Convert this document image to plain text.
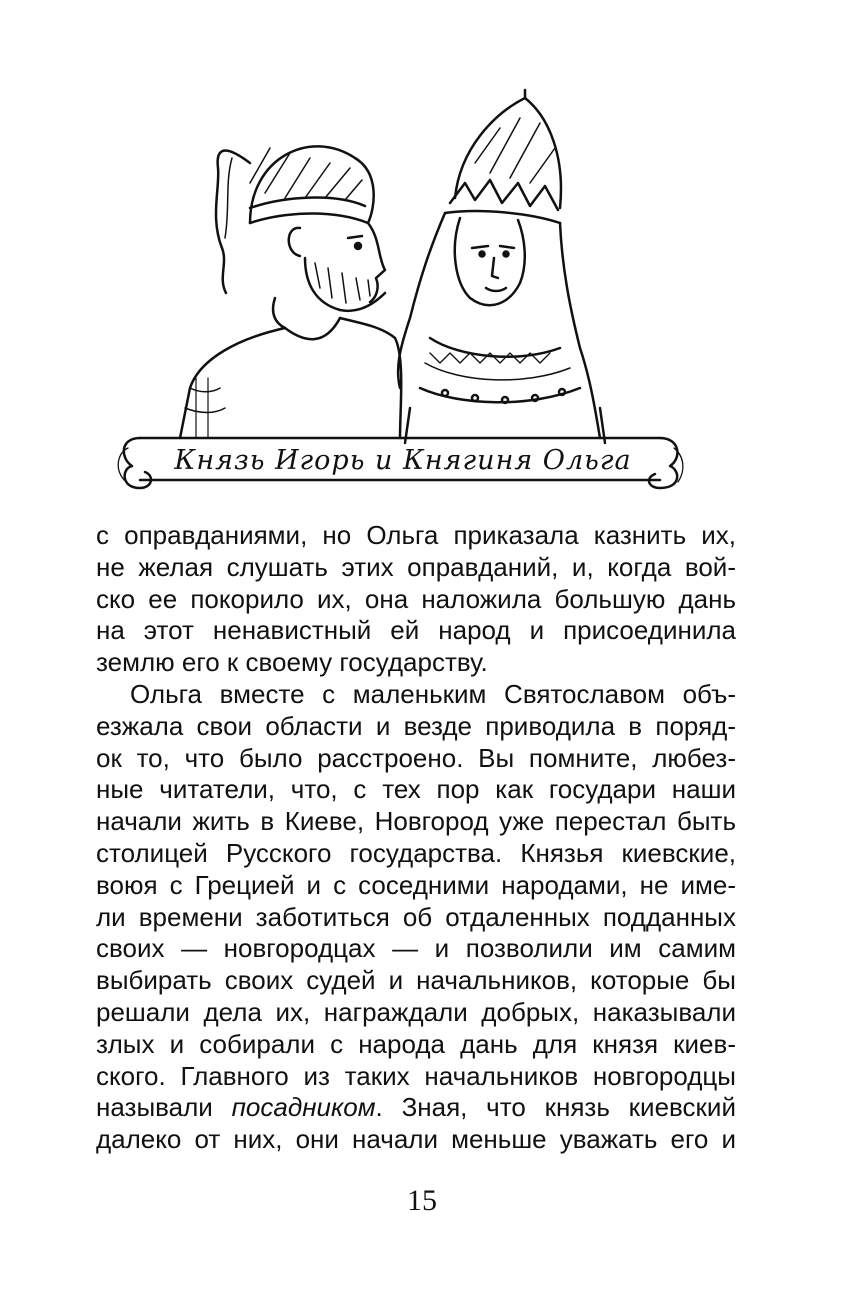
Князь Игорь и Княгиня Ольга

с оправданиями, но Ольга приказала казнить их,
не желая слушать этих оправданий, и, когда вой-
ско ее покорило их, она наложила большую дань
на этот ненавистный ей народ и присоединила
землю его к своему государству.

Ольга вместе с маленьким Святославом объ-
езжала свои области и везде приводила в поряд-
ок то, что было расстроено. Вы помните, любез-
ные читатели, что, с тех пор как государи наши
начали жить в Киеве, Новгород уже перестал быть
столицей Русского государства. Князья киевские,
воюя с Грецией и с соседними народами, не име-
ли времени заботиться об отдаленных подданных
своих — новгородцах — и позволили им самим
выбирать своих судей и начальников, которые бы
решали дела их, награждали добрых, наказывали
злых и собирали с народа дань для князя киев-
ского. Главного из таких начальников новгородцы
называли посадником. Зная, что князь киевский
далеко от них, они начали меньше уважать его и

15
